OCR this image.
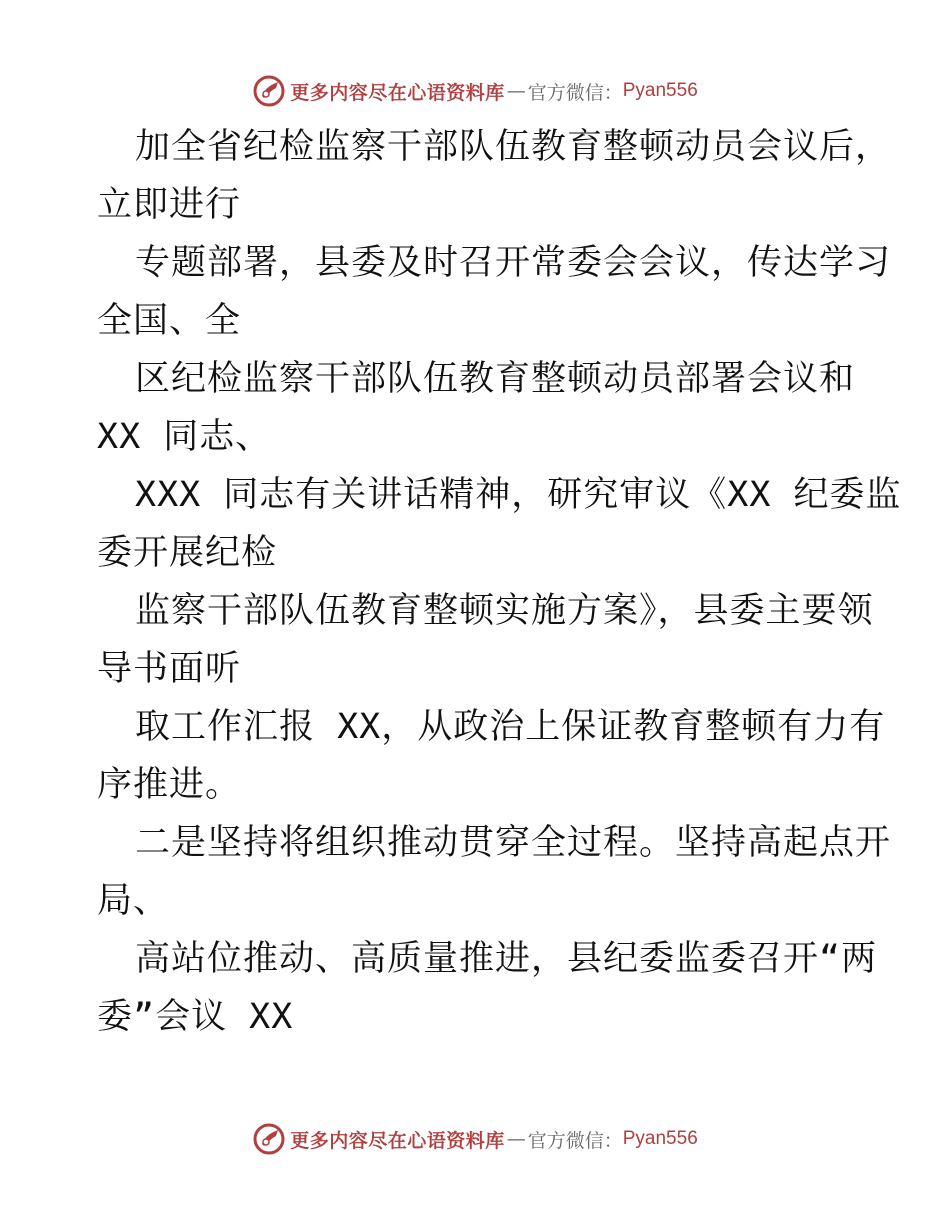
更多内容尽在心语资料库 — 官方微信： Pyan556
加全省纪检监察干部队伍教育整顿动员会议后，
立即进行
专题部署，县委及时召开常委会会议，传达学习
全国、全
区纪检监察干部队伍教育整顿动员部署会议和
XX 同志、
XXX 同志有关讲话精神，研究审议《XX 纪委监
委开展纪检
监察干部队伍教育整顿实施方案》，县委主要领
导书面听
取工作汇报 XX，从政治上保证教育整顿有力有
序推进。
二是坚持将组织推动贯穿全过程。坚持高起点开
局、
高站位推动、高质量推进，县纪委监委召开“两
委”会议 XX
更多内容尽在心语资料库 — 官方微信： Pyan556
